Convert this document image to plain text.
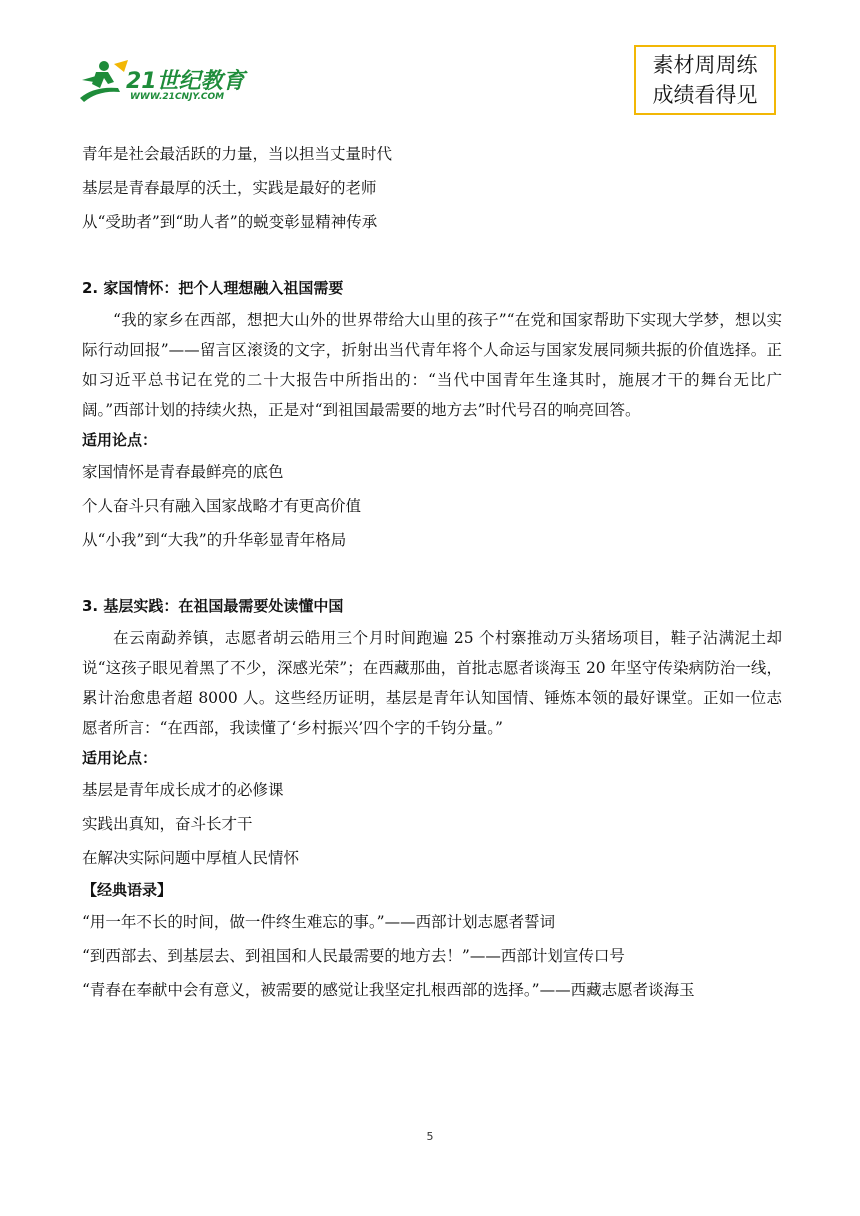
21世纪教育
WWW.21CNJY.COM
素材周周练
成绩看得见
青年是社会最活跃的力量，当以担当丈量时代
基层是青春最厚的沃土，实践是最好的老师
从“受助者”到“助人者”的蜕变彰显精神传承
2. 家国情怀：把个人理想融入祖国需要

“我的家乡在西部，想把大山外的世界带给大山里的孩子”“在党和国家帮助下实现大学梦，想以实际行动回报”——留言区滚烫的文字，折射出当代青年将个人命运与国家发展同频共振的价值选择。正如习近平总书记在党的二十大报告中所指出的：“当代中国青年生逢其时，施展才干的舞台无比广阔。”西部计划的持续火热，正是对“到祖国最需要的地方去”时代号召的响亮回答。

适用论点：
家国情怀是青春最鲜亮的底色
个人奋斗只有融入国家战略才有更高价值
从“小我”到“大我”的升华彰显青年格局
3. 基层实践：在祖国最需要处读懂中国

在云南勐养镇，志愿者胡云皓用三个月时间跑遍 25 个村寨推动万头猪场项目，鞋子沾满泥土却说“这孩子眼见着黑了不少，深感光荣”；在西藏那曲，首批志愿者谈海玉 20 年坚守传染病防治一线，累计治愈患者超 8000 人。这些经历证明，基层是青年认知国情、锤炼本领的最好课堂。正如一位志愿者所言：“在西部，我读懂了‘乡村振兴’四个字的千钧分量。”

适用论点：
基层是青年成长成才的必修课
实践出真知，奋斗长才干
在解决实际问题中厚植人民情怀
【经典语录】

“用一年不长的时间，做一件终生难忘的事。”——西部计划志愿者誓词

“到西部去、到基层去、到祖国和人民最需要的地方去！”——西部计划宣传口号

“青春在奉献中会有意义，被需要的感觉让我坚定扎根西部的选择。”——西藏志愿者谈海玉

5
